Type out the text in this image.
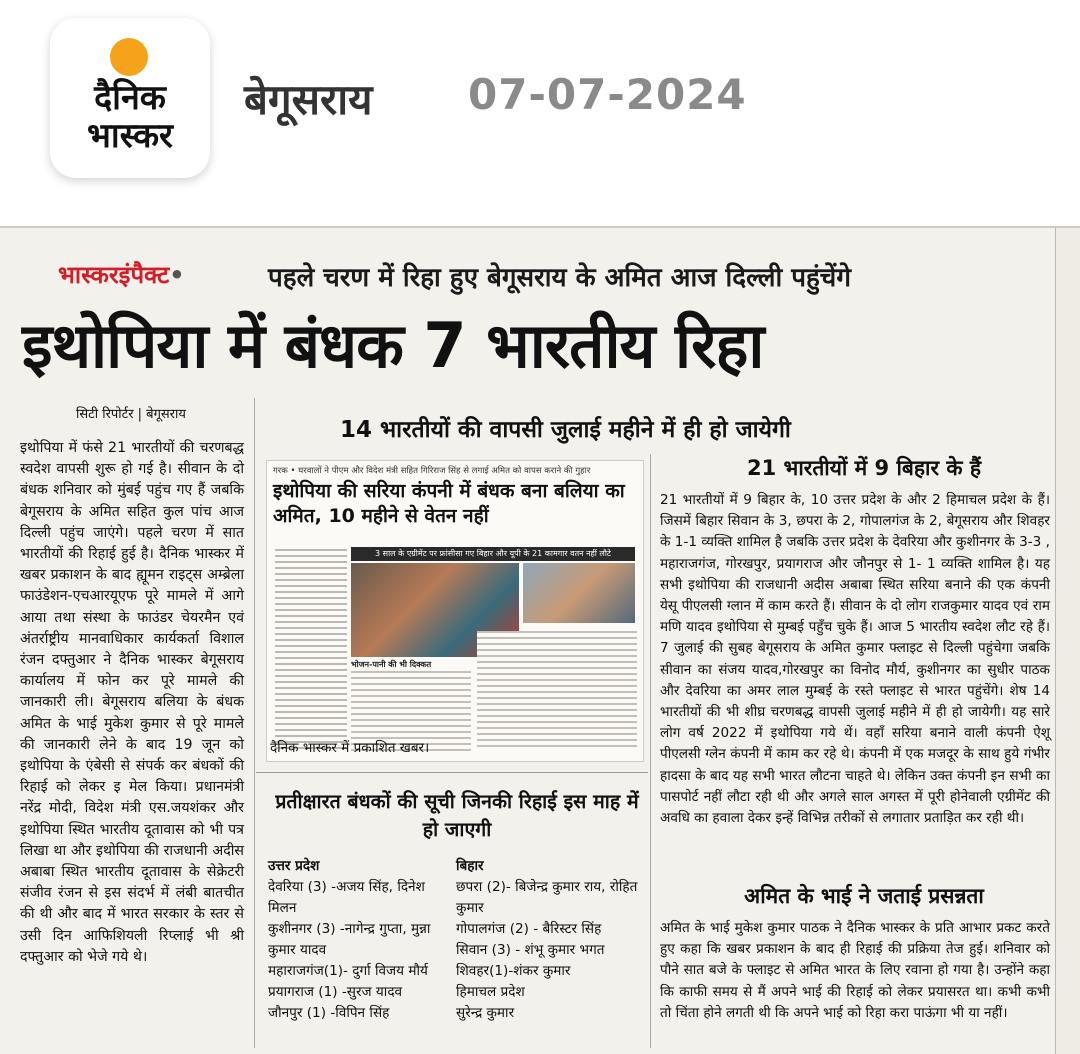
दैनिक
भास्कर
बेगूसराय 07-07-2024
भास्करइंपैक्ट•	पहले चरण में रिहा हुए बेगूसराय के अमित आज दिल्ली पहुंचेंगे
इथोपिया में बंधक 7 भारतीय रिहा
सिटी रिपोर्टर | बेगूसराय
इथोपिया में फंसे 21 भारतीयों की चरणबद्ध स्वदेश वापसी शुरू हो गई है। सीवान के दो बंधक शनिवार को मुंबई पहुंच गए हैं जबकि बेगूसराय के अमित सहित कुल पांच आज दिल्ली पहुंच जाएंगे। पहले चरण में सात भारतीयों की रिहाई हुई है। दैनिक भास्कर में खबर प्रकाशन के बाद ह्यूमन राइट्स अम्ब्रेला फाउंडेशन-एचआरयूएफ पूरे मामले में आगे आया तथा संस्था के फाउंडर चेयरमैन एवं अंतर्राष्ट्रीय मानवाधिकार कार्यकर्ता विशाल रंजन दफ्तुआर ने दैनिक भास्कर बेगूसराय कार्यालय में फोन कर पूरे मामले की जानकारी ली। बेगूसराय बलिया के बंधक अमित के भाई मुकेश कुमार से पूरे मामले की जानकारी लेने के बाद 19 जून को इथोपिया के एंबेसी से संपर्क कर बंधकों की रिहाई को लेकर इ मेल किया। प्रधानमंत्री नरेंद्र मोदी, विदेश मंत्री एस.जयशंकर और इथोपिया स्थित भारतीय दूतावास को भी पत्र लिखा था और इथोपिया की राजधानी अदीस अबाबा स्थित भारतीय दूतावास के सेक्रेटरी संजीव रंजन से इस संदर्भ में लंबी बातचीत की थी और बाद में भारत सरकार के स्तर से उसी दिन आफिशियली रिप्लाई भी श्री दफ्तुआर को भेजे गये थे।
14 भारतीयों की वापसी जुलाई महीने में ही हो जायेगी
गरक • घरवालों ने पीएम और विदेश मंत्री सहित गिरिराज सिंह से लगाई अमित को वापस कराने की गुहार
इथोपिया की सरिया कंपनी में बंधक बना बलिया का अमित, 10 महीने से वेतन नहीं
3 साल के एग्रीमेंट पर फ्रांसीसा गए बिहार और यूपी के 21 कामगार वतन नहीं लौटे
भोजन-पानी की भी दिक्कत
दैनिक भास्कर में प्रकाशित खबर।
21 भारतीयों में 9 बिहार के हैं
21 भारतीयों में 9 बिहार के, 10 उत्तर प्रदेश के और 2 हिमाचल प्रदेश के हैं। जिसमें बिहार सिवान के 3, छपरा के 2, गोपालगंज के 2, बेगूसराय और शिवहर के 1-1 व्यक्ति शामिल है जबकि उत्तर प्रदेश के देवरिया और कुशीनगर के 3-3 , महाराजगंज, गोरखपुर, प्रयागराज और जौनपुर से 1- 1 व्यक्ति शामिल है। यह सभी इथोपिया की राजधानी अदीस अबाबा स्थित सरिया बनाने की एक कंपनी येसू पीएलसी ग्लान में काम करते हैं। सीवान के दो लोग राजकुमार यादव एवं राम मणि यादव इथोपिया से मुम्बई पहुँच चुके हैं। आज 5 भारतीय स्वदेश लौट रहे हैं। 7 जुलाई की सुबह बेगूसराय के अमित कुमार फ्लाइट से दिल्ली पहुंचेगा जबकि सीवान का संजय यादव,गोरखपुर का विनोद मौर्य, कुशीनगर का सुधीर पाठक और देवरिया का अमर लाल मुम्बई के रस्ते फ्लाइट से भारत पहुंचेंगे। शेष 14 भारतीयों की भी शीघ्र चरणबद्ध वापसी जुलाई महीने में ही हो जायेगी। यह सारे लोग वर्ष 2022 में इथोपिया गये थें। वहाँ सरिया बनाने वाली कंपनी ऐशू पीएलसी ग्लेन कंपनी में काम कर रहे थे। कंपनी में एक मजदूर के साथ हुये गंभीर हादसा के बाद यह सभी भारत लौटना चाहते थे। लेकिन उक्त कंपनी इन सभी का पासपोर्ट नहीं लौटा रही थी और अगले साल अगस्त में पूरी होनेवाली एग्रीमेंट की अवधि का हवाला देकर इन्हें विभिन्न तरीकों से लगातार प्रताड़ित कर रही थी।
अमित के भाई ने जताई प्रसन्नता
अमित के भाई मुकेश कुमार पाठक ने दैनिक भास्कर के प्रति आभार प्रकट करते हुए कहा कि खबर प्रकाशन के बाद ही रिहाई की प्रक्रिया तेज हुई। शनिवार को पौने सात बजे के फ्लाइट से अमित भारत के लिए रवाना हो गया है। उन्होंने कहा कि काफी समय से मैं अपने भाई की रिहाई को लेकर प्रयासरत था। कभी कभी तो चिंता होने लगती थी कि अपने भाई को रिहा करा पाऊंगा भी या नहीं।
प्रतीक्षारत बंधकों की सूची जिनकी रिहाई इस माह में हो जाएगी
उत्तर प्रदेश
देवरिया (3) -अजय सिंह, दिनेश मिलन
कुशीनगर (3) -नागेन्द्र गुप्ता, मुन्ना कुमार यादव
महाराजगंज(1)- दुर्गा विजय मौर्य
प्रयागराज (1) -सुरज यादव
जौनपुर (1) -विपिन सिंह
बिहार
छपरा (2)- बिजेन्द्र कुमार राय, रोहित कुमार
गोपालगंज (2) - बैरिस्टर सिंह
सिवान (3) - शंभू कुमार भगत
शिवहर(1)-शंकर कुमार
हिमाचल प्रदेश
सुरेन्द्र कुमार
